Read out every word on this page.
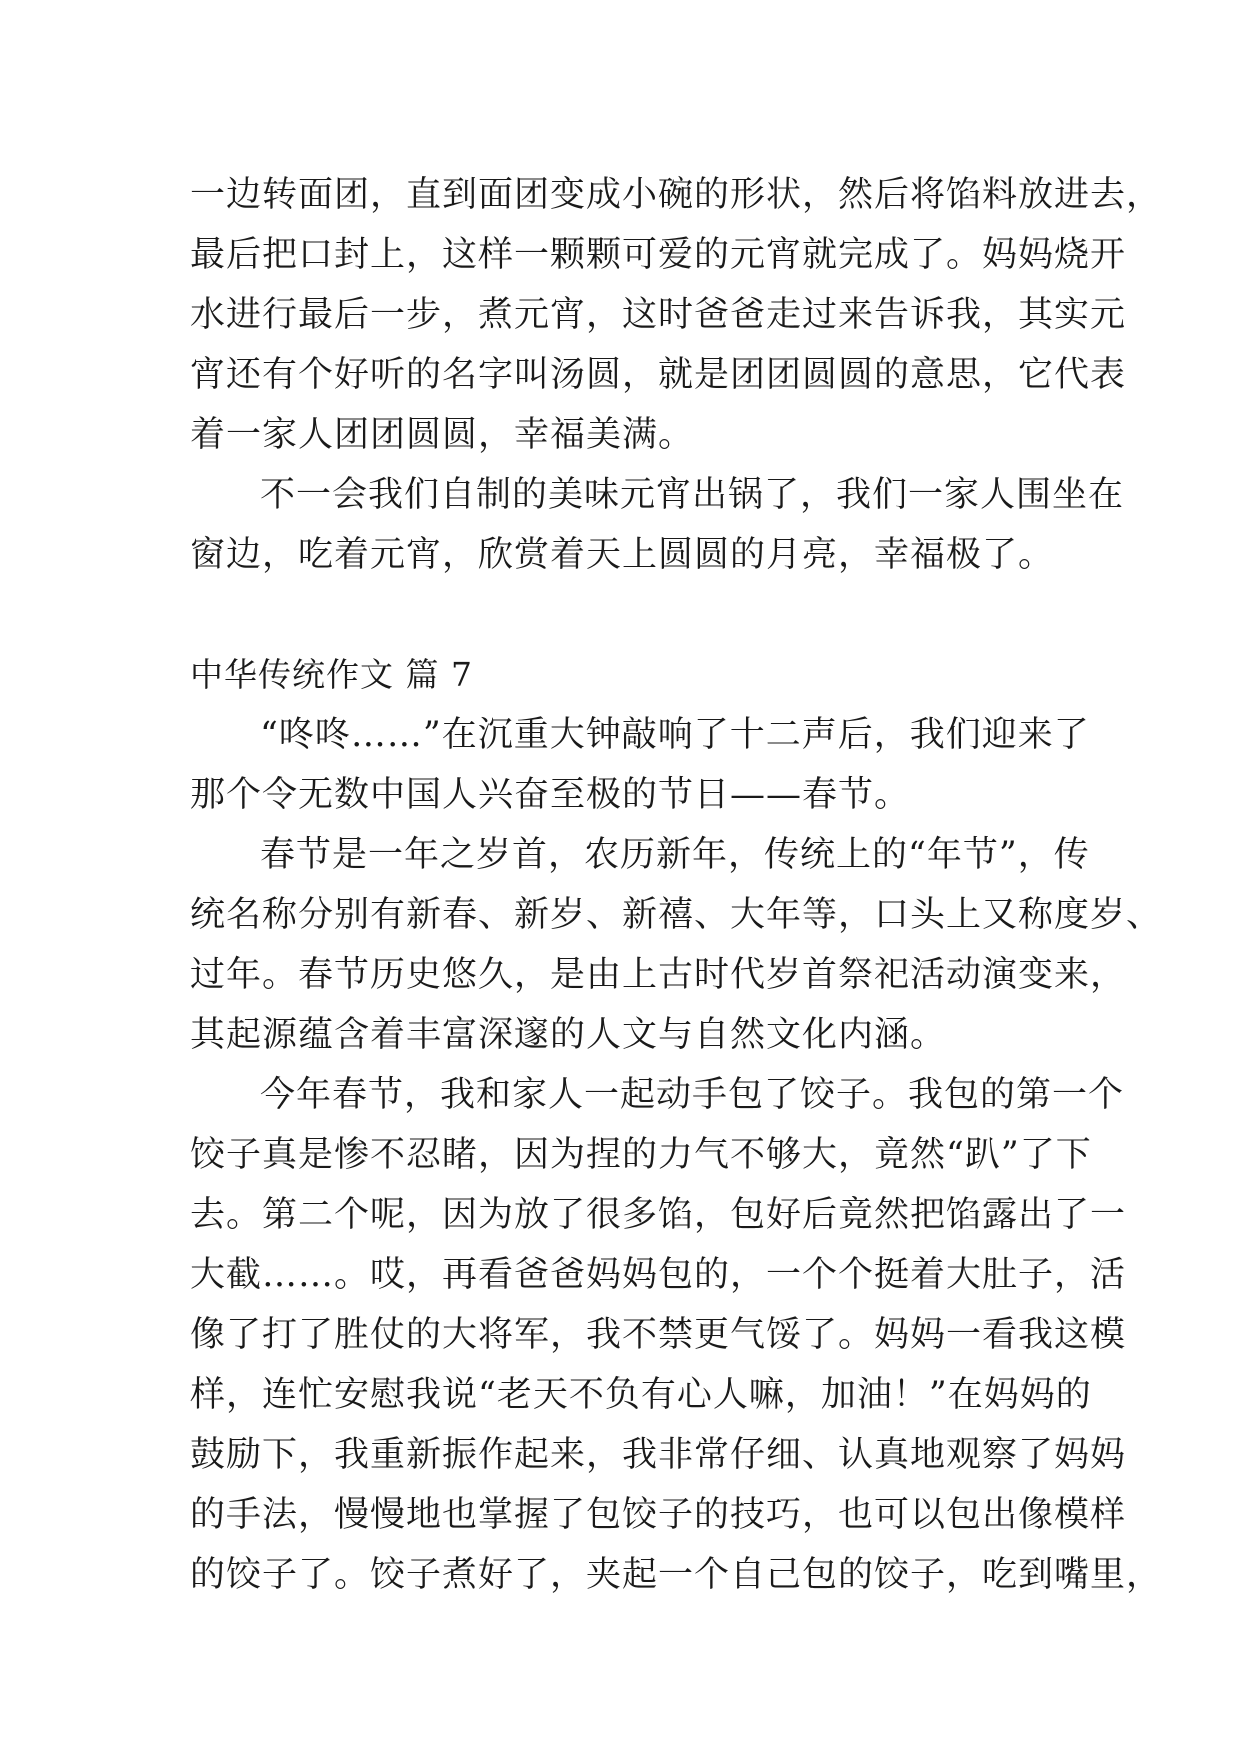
一边转面团，直到面团变成小碗的形状，然后将馅料放进去，
最后把口封上，这样一颗颗可爱的元宵就完成了。妈妈烧开
水进行最后一步，煮元宵，这时爸爸走过来告诉我，其实元
宵还有个好听的名字叫汤圆，就是团团圆圆的意思，它代表
着一家人团团圆圆，幸福美满。
不一会我们自制的美味元宵出锅了，我们一家人围坐在
窗边，吃着元宵，欣赏着天上圆圆的月亮，幸福极了。
中华传统作文 篇 7
“咚咚……”在沉重大钟敲响了十二声后，我们迎来了
那个令无数中国人兴奋至极的节日——春节。
春节是一年之岁首，农历新年，传统上的“年节”，传
统名称分别有新春、新岁、新禧、大年等，口头上又称度岁、
过年。春节历史悠久，是由上古时代岁首祭祀活动演变来，
其起源蕴含着丰富深邃的人文与自然文化内涵。
今年春节，我和家人一起动手包了饺子。我包的第一个
饺子真是惨不忍睹，因为捏的力气不够大，竟然“趴”了下
去。第二个呢，因为放了很多馅，包好后竟然把馅露出了一
大截……。哎，再看爸爸妈妈包的，一个个挺着大肚子，活
像了打了胜仗的大将军，我不禁更气馁了。妈妈一看我这模
样，连忙安慰我说“老天不负有心人嘛，加油！”在妈妈的
鼓励下，我重新振作起来，我非常仔细、认真地观察了妈妈
的手法，慢慢地也掌握了包饺子的技巧，也可以包出像模样
的饺子了。饺子煮好了，夹起一个自己包的饺子，吃到嘴里，
